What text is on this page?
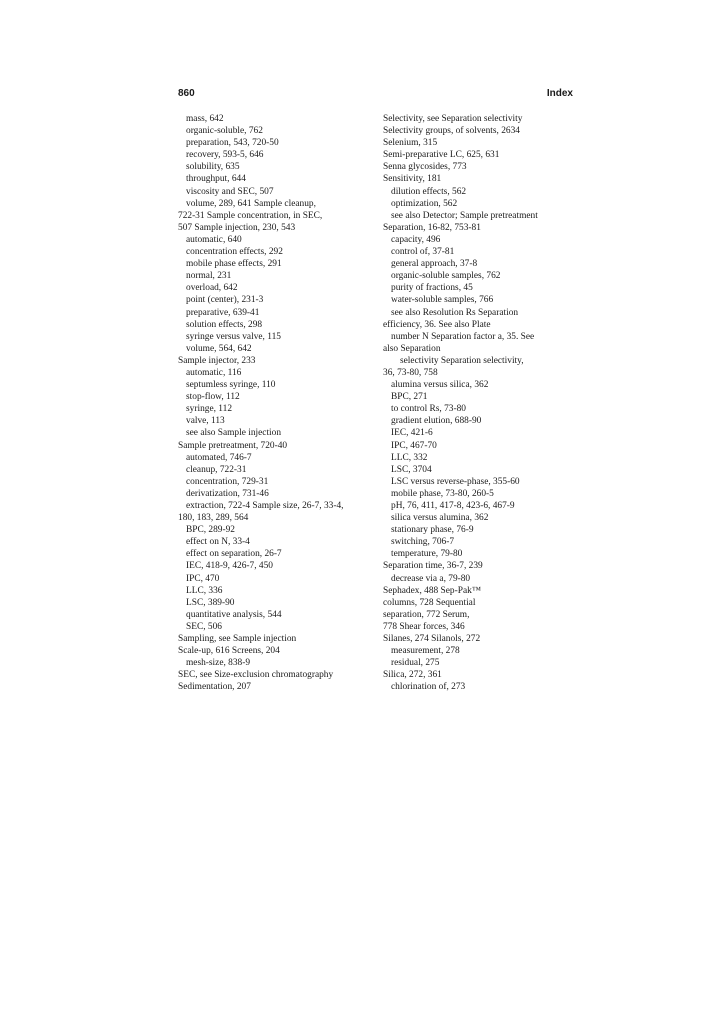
860	Index
mass, 642
organic-soluble, 762
preparation, 543, 720-50
recovery, 593-5, 646
solubility, 635
throughput, 644
viscosity and SEC, 507
volume, 289, 641 Sample cleanup,
722-31 Sample concentration, in SEC,
507 Sample injection, 230, 543
automatic, 640
concentration effects, 292
mobile phase effects, 291
normal, 231
overload, 642
point (center), 231-3
preparative, 639-41
solution effects, 298
syringe versus valve, 115
volume, 564, 642
Sample injector, 233
automatic, 116
septumless syringe, 110
stop-flow, 112
syringe, 112
valve, 113
see also Sample injection
Sample pretreatment, 720-40
automated, 746-7
cleanup, 722-31
concentration, 729-31
derivatization, 731-46
extraction, 722-4 Sample size, 26-7, 33-4,
180, 183, 289, 564
BPC, 289-92
effect on N, 33-4
effect on separation, 26-7
IEC, 418-9, 426-7, 450
IPC, 470
LLC, 336
LSC, 389-90
quantitative analysis, 544
SEC, 506
Sampling, see Sample injection
Scale-up, 616 Screens, 204
mesh-size, 838-9
SEC, see Size-exclusion chromatography
Sedimentation, 207
Selectivity, see Separation selectivity
Selectivity groups, of solvents, 2634
Selenium, 315
Semi-preparative LC, 625, 631
Senna glycosides, 773
Sensitivity, 181
dilution effects, 562
optimization, 562
see also Detector; Sample pretreatment
Separation, 16-82, 753-81
capacity, 496
control of, 37-81
general approach, 37-8
organic-soluble samples, 762
purity of fractions, 45
water-soluble samples, 766
see also Resolution Rs Separation
efficiency, 36. See also Plate
number N Separation factor a, 35. See
also Separation
selectivity Separation selectivity,
36, 73-80, 758
alumina versus silica, 362
BPC, 271
to control Rs, 73-80
gradient elution, 688-90
IEC, 421-6
IPC, 467-70
LLC, 332
LSC, 3704
LSC versus reverse-phase, 355-60
mobile phase, 73-80, 260-5
pH, 76, 411, 417-8, 423-6, 467-9
silica versus alumina, 362
stationary phase, 76-9
switching, 706-7
temperature, 79-80
Separation time, 36-7, 239
decrease via a, 79-80
Sephadex, 488 Sep-Pak™
columns, 728 Sequential
separation, 772 Serum,
778 Shear forces, 346
Silanes, 274 Silanols, 272
measurement, 278
residual, 275
Silica, 272, 361
chlorination of, 273
